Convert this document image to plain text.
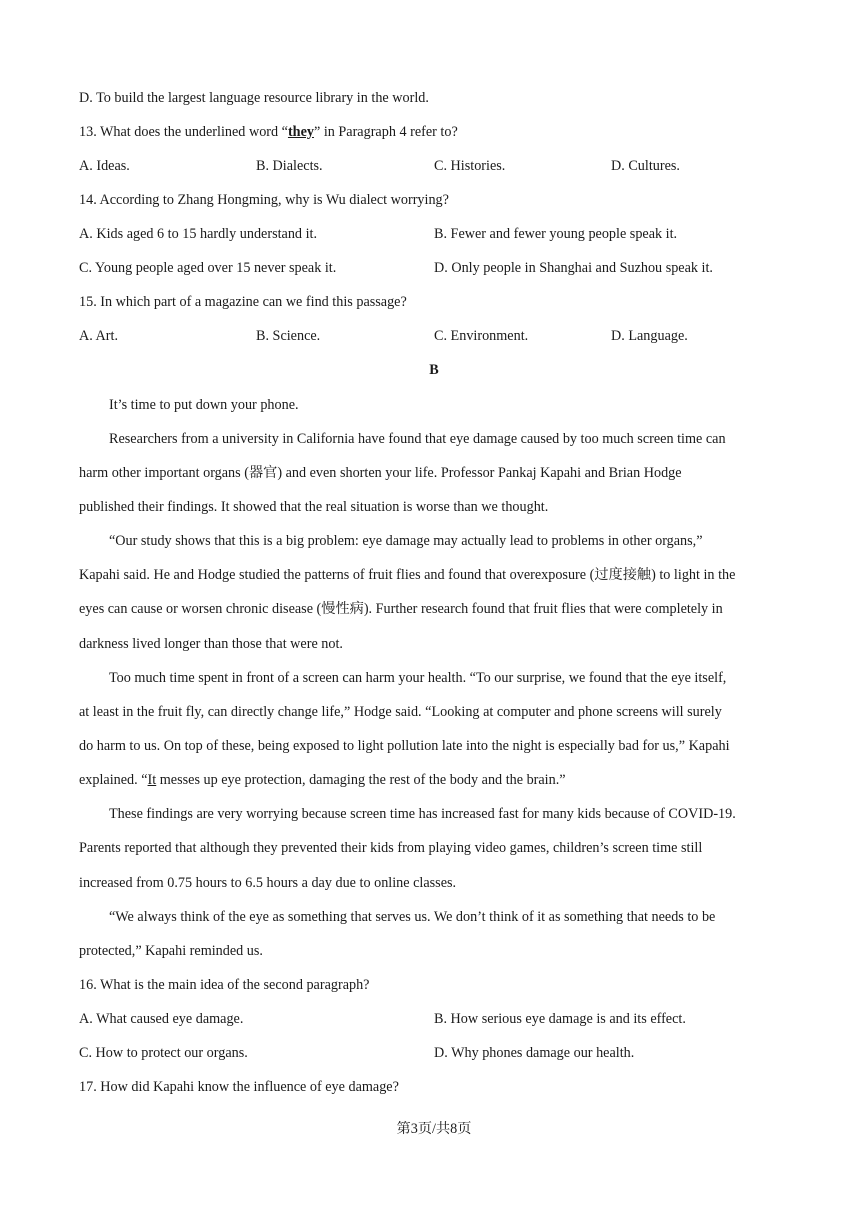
D. To build the largest language resource library in the world.
13. What does the underlined word “they” in Paragraph 4 refer to?
A. Ideas.	B. Dialects.	C. Histories.	D. Cultures.
14. According to Zhang Hongming, why is Wu dialect worrying?
A. Kids aged 6 to 15 hardly understand it.	B. Fewer and fewer young people speak it.
C. Young people aged over 15 never speak it.	D. Only people in Shanghai and Suzhou speak it.
15. In which part of a magazine can we find this passage?
A. Art.	B. Science.	C. Environment.	D. Language.
B
It’s time to put down your phone.
Researchers from a university in California have found that eye damage caused by too much screen time can
harm other important organs (器官) and even shorten your life. Professor Pankaj Kapahi and Brian Hodge
published their findings. It showed that the real situation is worse than we thought.
“Our study shows that this is a big problem: eye damage may actually lead to problems in other organs,”
Kapahi said. He and Hodge studied the patterns of fruit flies and found that overexposure (过度接触) to light in the
eyes can cause or worsen chronic disease (慢性病). Further research found that fruit flies that were completely in
darkness lived longer than those that were not.
Too much time spent in front of a screen can harm your health. “To our surprise, we found that the eye itself,
at least in the fruit fly, can directly change life,” Hodge said. “Looking at computer and phone screens will surely
do harm to us. On top of these, being exposed to light pollution late into the night is especially bad for us,” Kapahi
explained. “It messes up eye protection, damaging the rest of the body and the brain.”
These findings are very worrying because screen time has increased fast for many kids because of COVID-19.
Parents reported that although they prevented their kids from playing video games, children’s screen time still
increased from 0.75 hours to 6.5 hours a day due to online classes.
“We always think of the eye as something that serves us. We don’t think of it as something that needs to be
protected,” Kapahi reminded us.
16. What is the main idea of the second paragraph?
A. What caused eye damage.	B. How serious eye damage is and its effect.
C. How to protect our organs.	D. Why phones damage our health.
17. How did Kapahi know the influence of eye damage?
第3页/共8页
